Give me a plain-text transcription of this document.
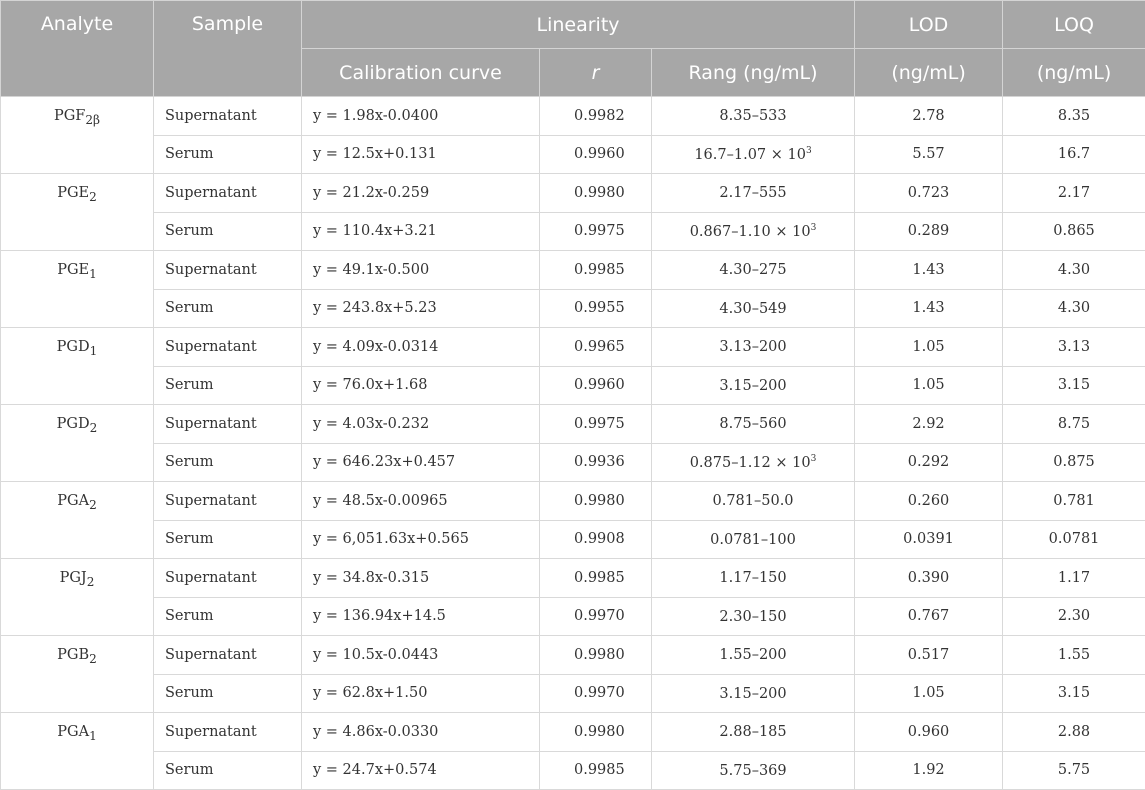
Analyte	Sample	Linearity			LOD	LOQ
		Calibration curve	r	Rang (ng/mL)	(ng/mL)	(ng/mL)
$PGF_{2\beta}$	Supernatant	y = 1.98x-0.0400	0.9982	8.35–533	2.78	8.35
	Serum	y = 12.5x+0.131	0.9960	$16.7-1.07 \times 10^3$	5.57	16.7
$PGE_2$	Supernatant	y = 21.2x-0.259	0.9980	2.17–555	0.723	2.17
	Serum	y = 110.4x+3.21	0.9975	$0.867-1.10 \times 10^3$	0.289	0.865
$PGE_1$	Supernatant	y = 49.1x-0.500	0.9985	4.30–275	1.43	4.30
	Serum	y = 243.8x+5.23	0.9955	4.30–549	1.43	4.30
$PGD_1$	Supernatant	y = 4.09x-0.0314	0.9965	3.13–200	1.05	3.13
	Serum	y = 76.0x+1.68	0.9960	3.15–200	1.05	3.15
$PGD_2$	Supernatant	y = 4.03x-0.232	0.9975	8.75–560	2.92	8.75
	Serum	y = 646.23x+0.457	0.9936	$0.875-1.12 \times 10^3$	0.292	0.875
$PGA_2$	Supernatant	y = 48.5x-0.00965	0.9980	0.781–50.0	0.260	0.781
	Serum	y = 6,051.63x+0.565	0.9908	0.0781–100	0.0391	0.0781
$PGJ_2$	Supernatant	y = 34.8x-0.315	0.9985	1.17–150	0.390	1.17
	Serum	y = 136.94x+14.5	0.9970	2.30–150	0.767	2.30
$PGB_2$	Supernatant	y = 10.5x-0.0443	0.9980	1.55–200	0.517	1.55
	Serum	y = 62.8x+1.50	0.9970	3.15–200	1.05	3.15
$PGA_1$	Supernatant	y = 4.86x-0.0330	0.9980	2.88–185	0.960	2.88
	Serum	y = 24.7x+0.574	0.9985	5.75–369	1.92	5.75
